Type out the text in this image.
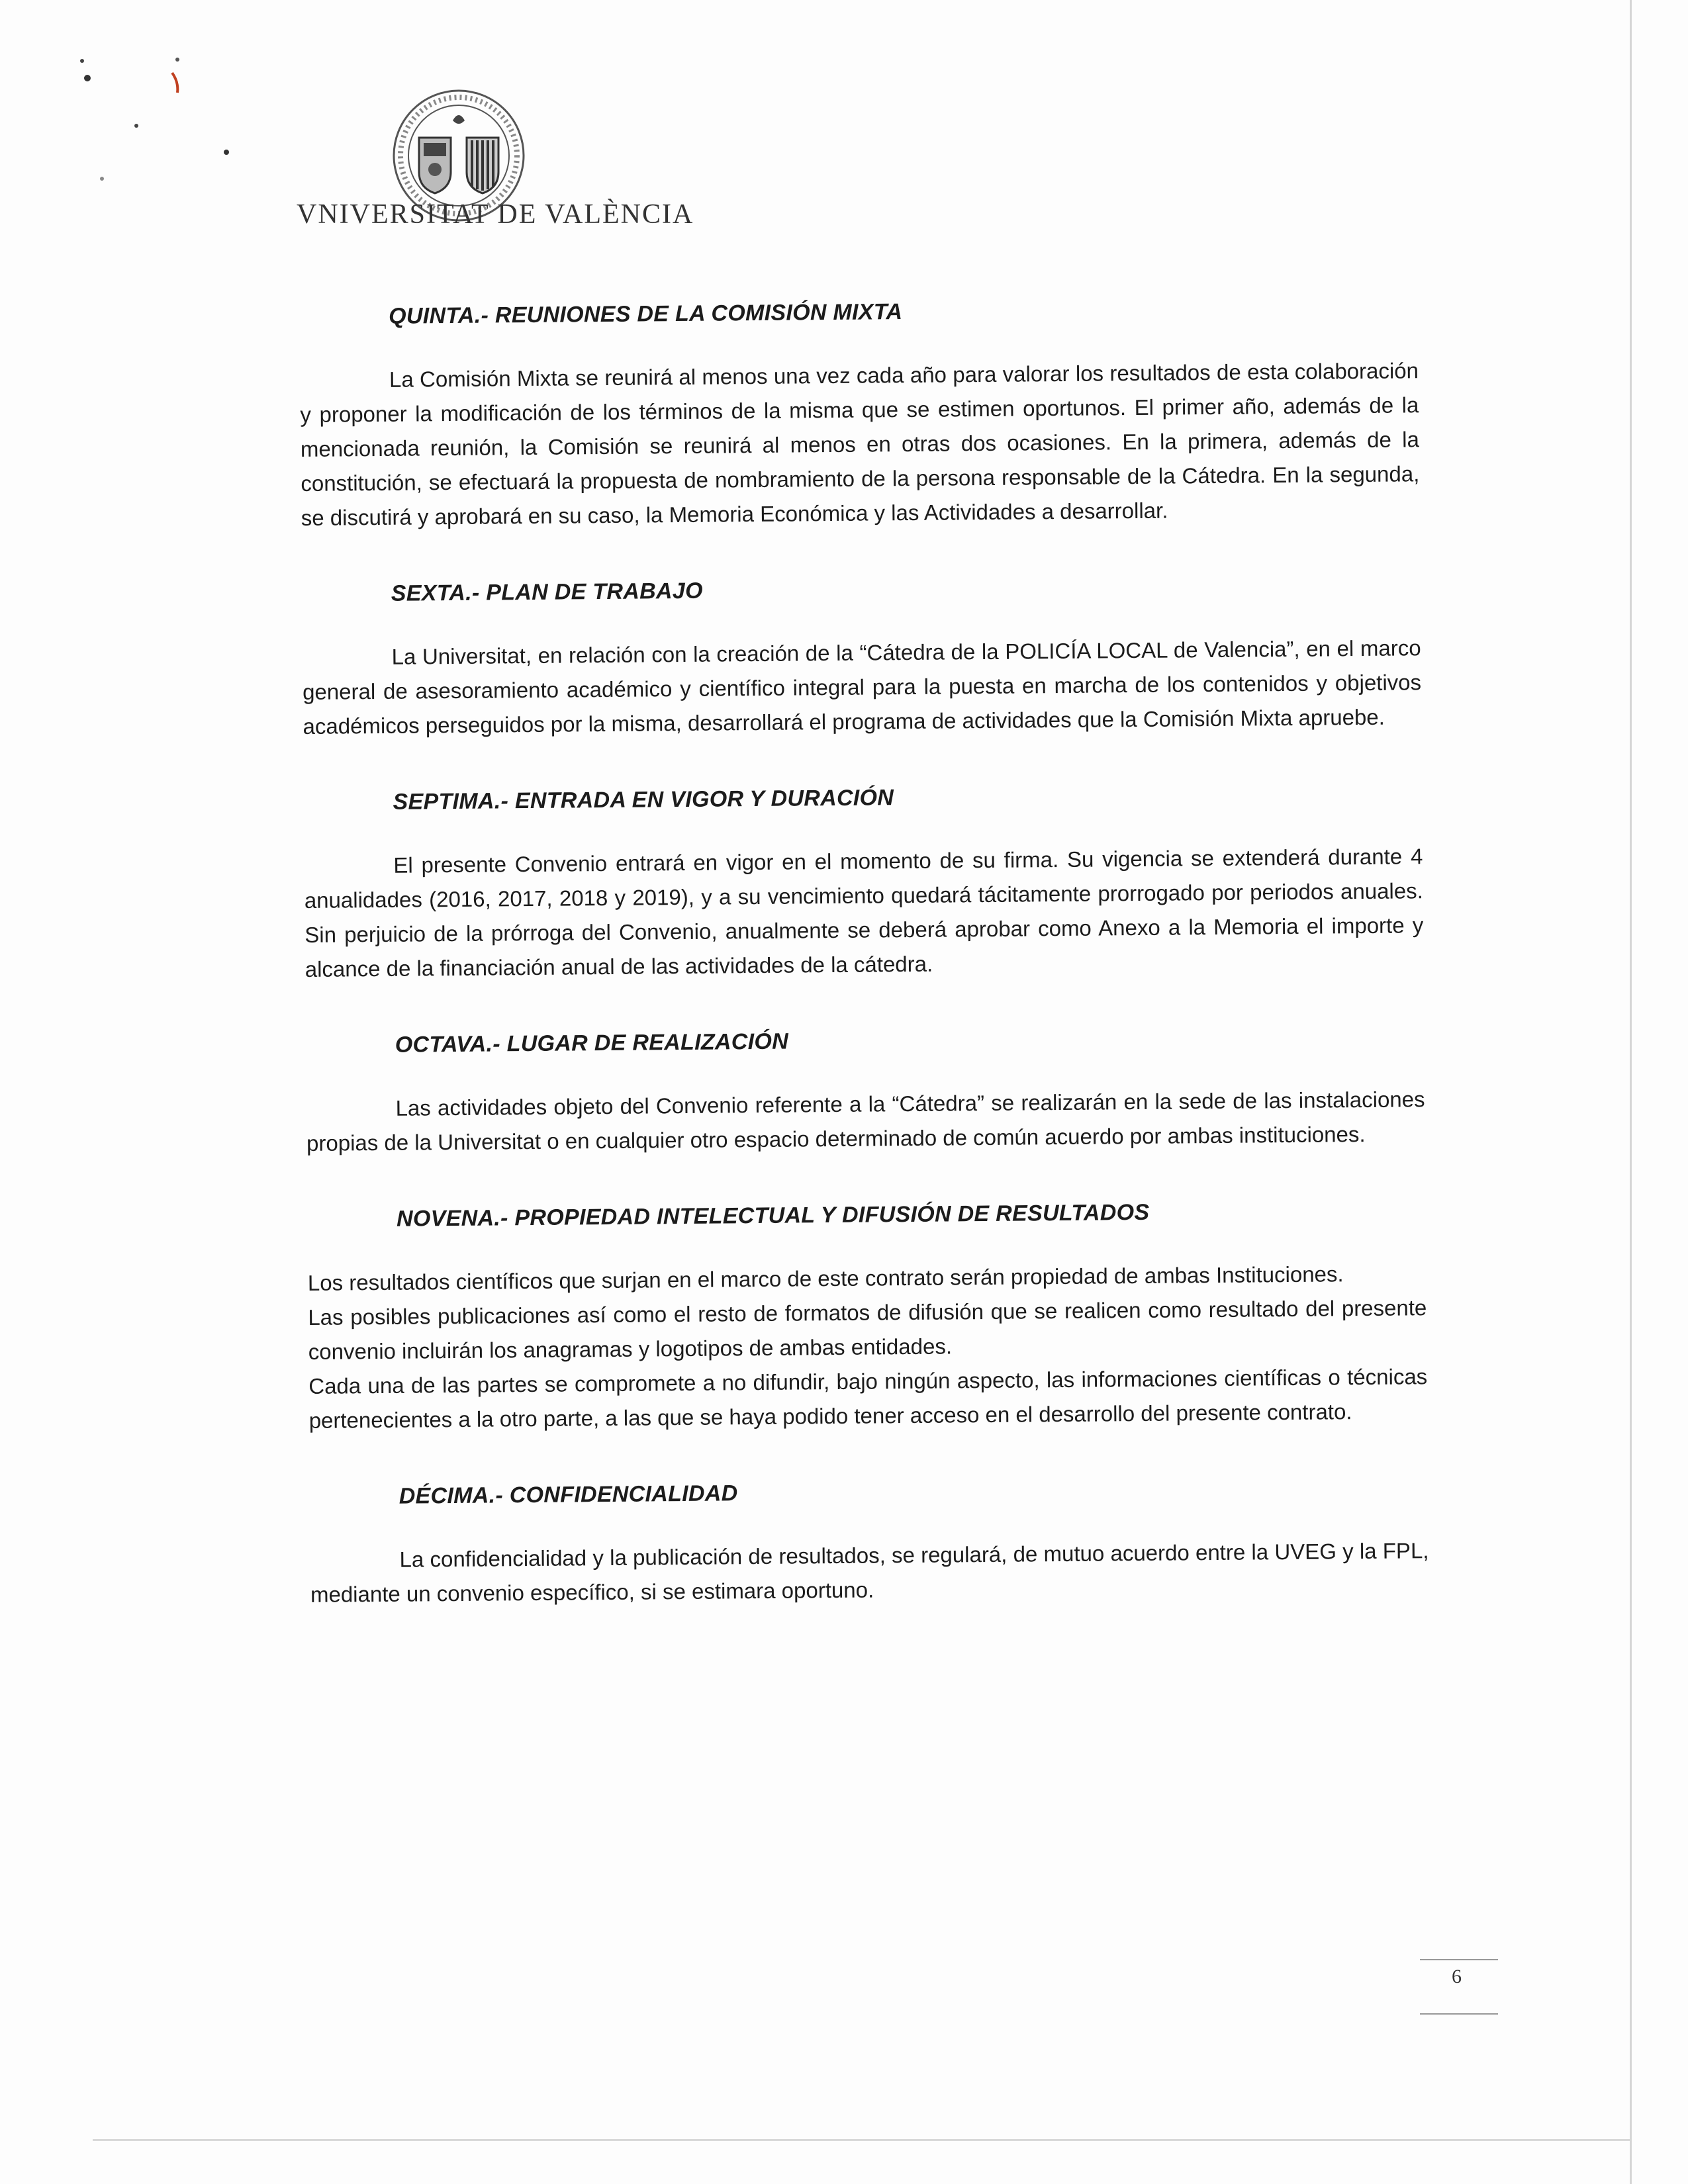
VNIVERSITAT DE VALÈNCIA

QUINTA.- REUNIONES DE LA COMISIÓN MIXTA

La Comisión Mixta se reunirá al menos una vez cada año para valorar los resultados de esta colaboración y proponer la modificación de los términos de la misma que se estimen oportunos. El primer año, además de la mencionada reunión, la Comisión se reunirá al menos en otras dos ocasiones. En la primera, además de la constitución, se efectuará la propuesta de nombramiento de la persona responsable de la Cátedra. En la segunda, se discutirá y aprobará en su caso, la Memoria Económica y las Actividades a desarrollar.

SEXTA.- PLAN DE TRABAJO

La Universitat, en relación con la creación de la “Cátedra de la POLICÍA LOCAL de Valencia”, en el marco general de asesoramiento académico y científico integral para la puesta en marcha de los contenidos y objetivos académicos perseguidos por la misma, desarrollará el programa de actividades que la Comisión Mixta apruebe.

SEPTIMA.- ENTRADA EN VIGOR Y DURACIÓN

El presente Convenio entrará en vigor en el momento de su firma. Su vigencia se extenderá durante 4 anualidades (2016, 2017, 2018 y 2019), y a su vencimiento quedará tácitamente prorrogado por periodos anuales. Sin perjuicio de la prórroga del Convenio, anualmente se deberá aprobar como Anexo a la Memoria el importe y alcance de la financiación anual de las actividades de la cátedra.

OCTAVA.- LUGAR DE REALIZACIÓN

Las actividades objeto del Convenio referente a la “Cátedra” se realizarán en la sede de las instalaciones propias de la Universitat o en cualquier otro espacio determinado de común acuerdo por ambas instituciones.

NOVENA.- PROPIEDAD INTELECTUAL Y DIFUSIÓN DE RESULTADOS

Los resultados científicos que surjan en el marco de este contrato serán propiedad de ambas Instituciones.

Las posibles publicaciones así como el resto de formatos de difusión que se realicen como resultado del presente convenio incluirán los anagramas y logotipos de ambas entidades.

Cada una de las partes se compromete a no difundir, bajo ningún aspecto, las informaciones científicas o técnicas pertenecientes a la otro parte, a las que se haya podido tener acceso en el desarrollo del presente contrato.

DÉCIMA.- CONFIDENCIALIDAD

La confidencialidad y la publicación de resultados, se regulará, de mutuo acuerdo entre la UVEG y la FPL, mediante un convenio específico, si se estimara oportuno.

6
